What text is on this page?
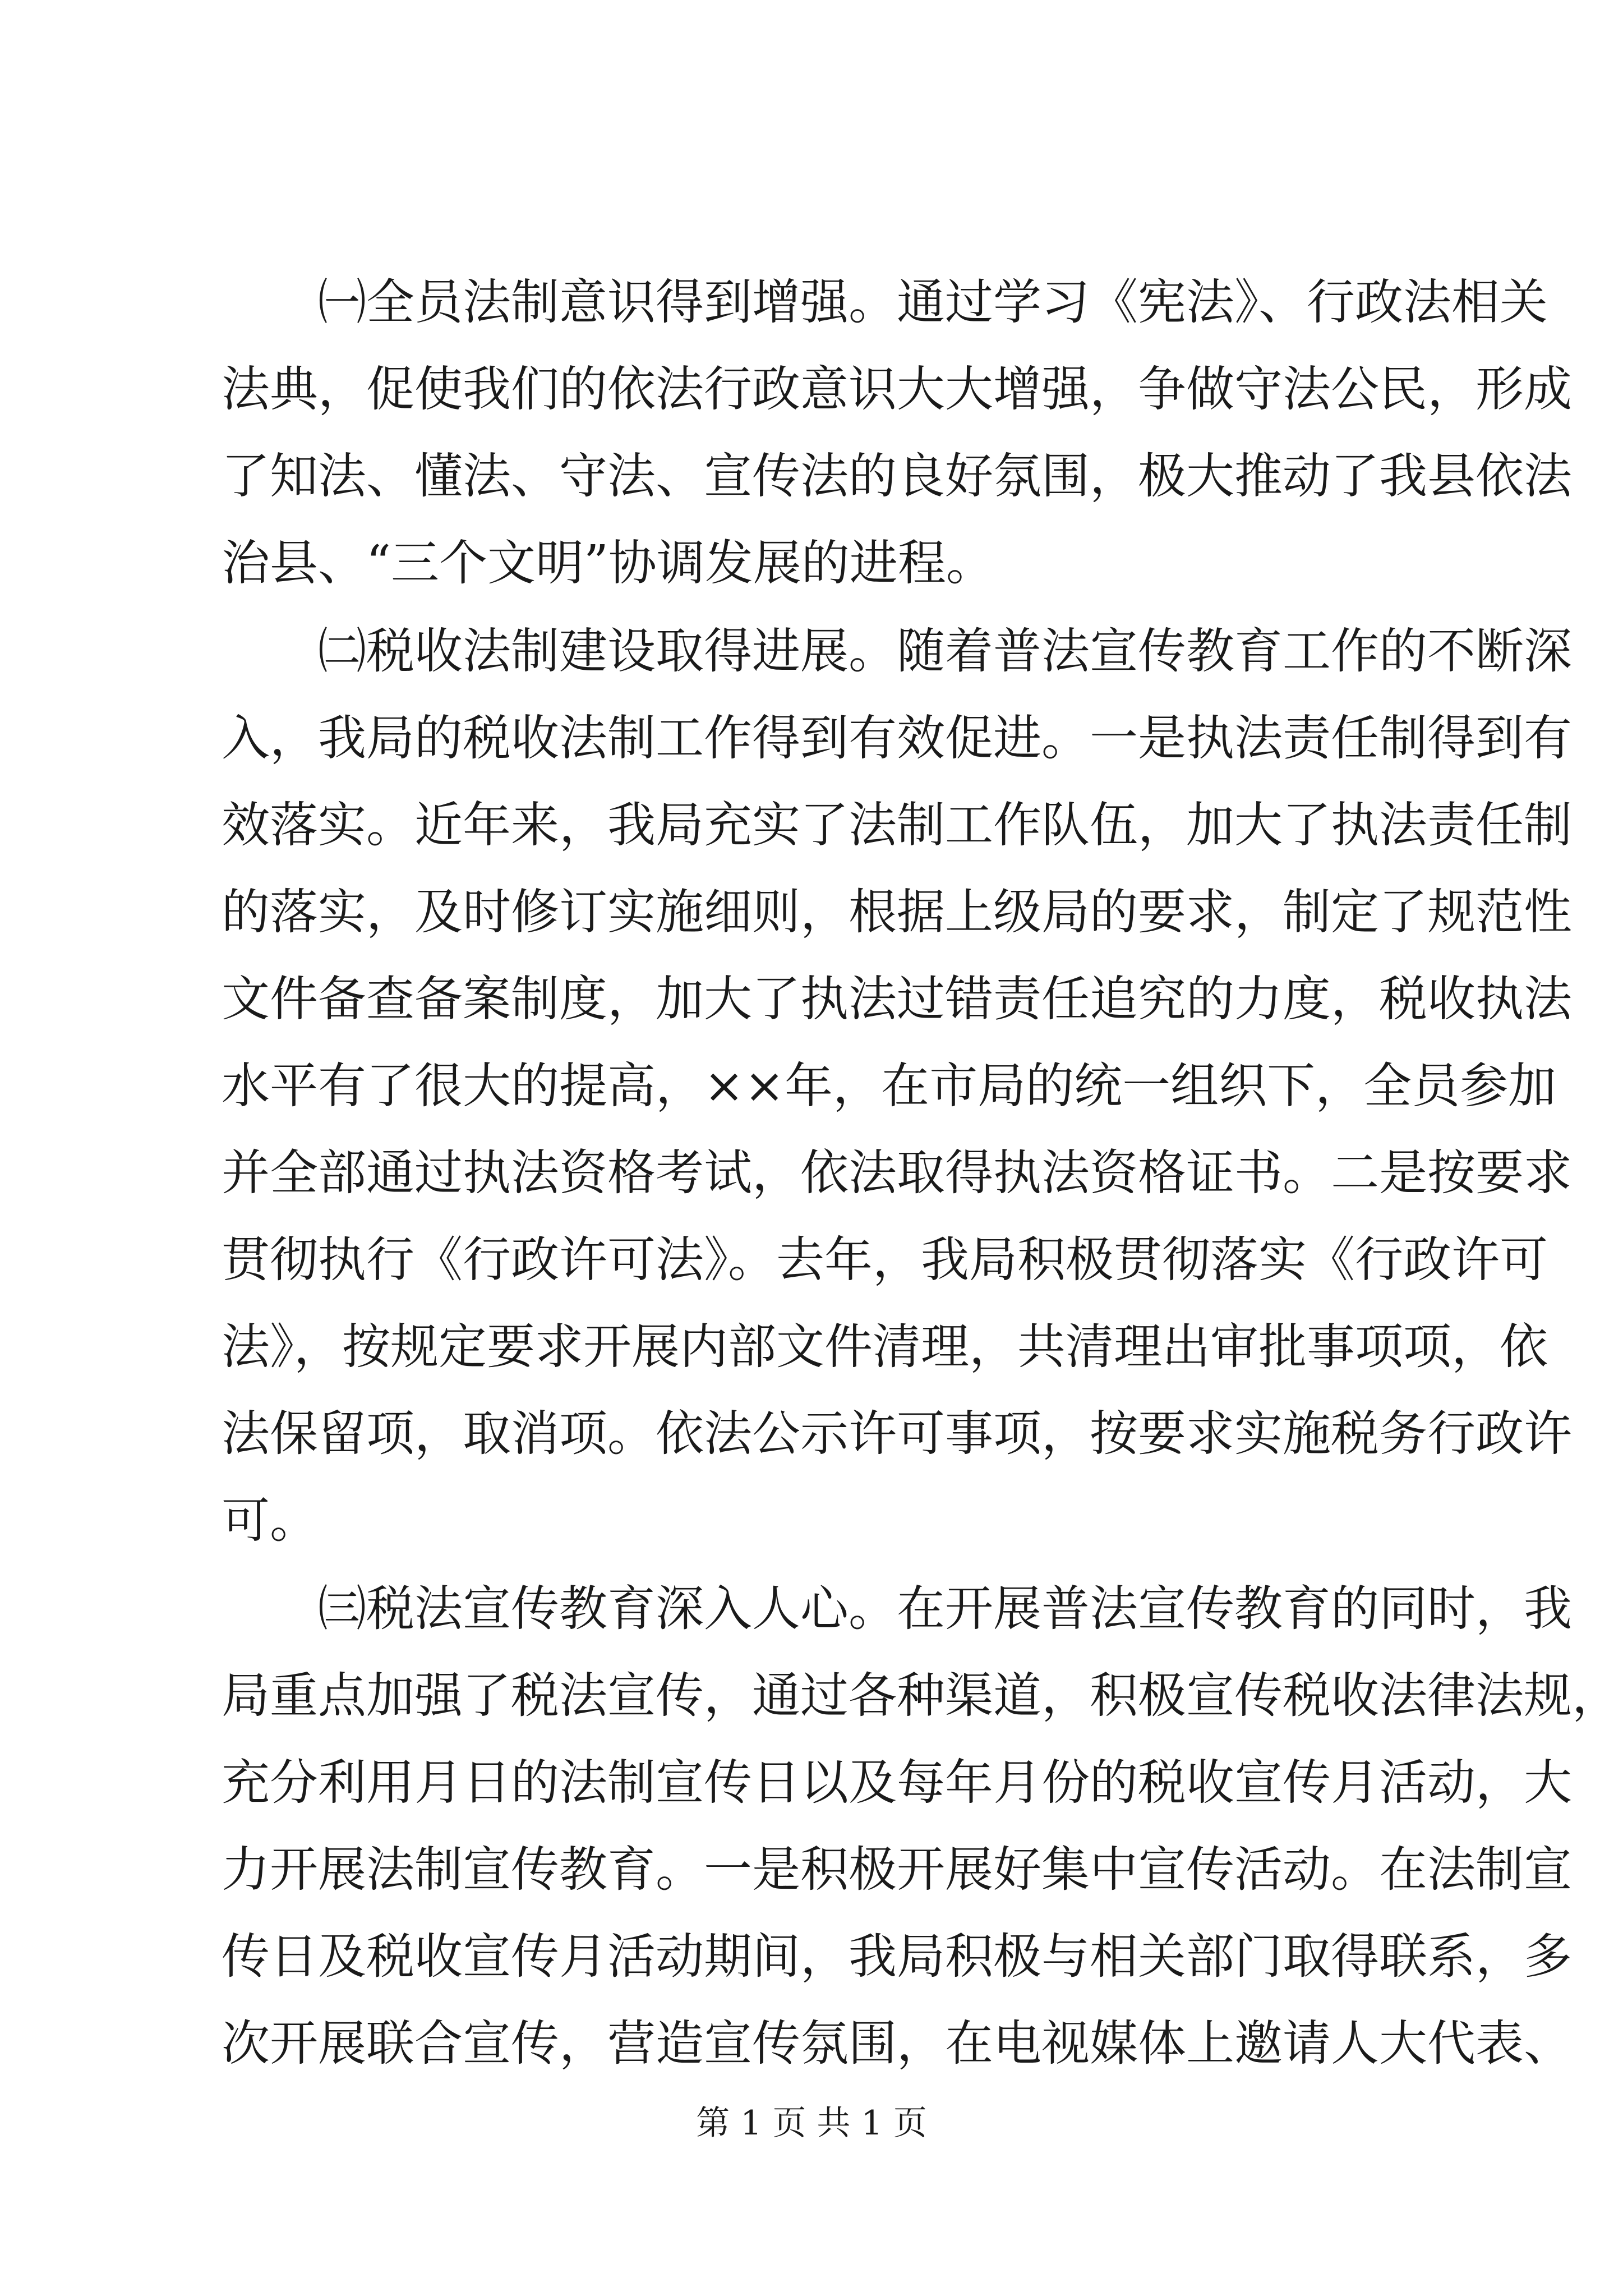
　　㈠全员法制意识得到增强。通过学习《宪法》、行政法相关
法典，促使我们的依法行政意识大大增强，争做守法公民，形成
了知法、懂法、守法、宣传法的良好氛围，极大推动了我县依法
治县、“三个文明”协调发展的进程。
　　㈡税收法制建设取得进展。随着普法宣传教育工作的不断深
入，我局的税收法制工作得到有效促进。一是执法责任制得到有
效落实。近年来，我局充实了法制工作队伍，加大了执法责任制
的落实，及时修订实施细则，根据上级局的要求，制定了规范性
文件备查备案制度，加大了执法过错责任追究的力度，税收执法
水平有了很大的提高，××年，在市局的统一组织下，全员参加
并全部通过执法资格考试，依法取得执法资格证书。二是按要求
贯彻执行《行政许可法》。去年，我局积极贯彻落实《行政许可
法》，按规定要求开展内部文件清理，共清理出审批事项项，依
法保留项，取消项。依法公示许可事项，按要求实施税务行政许
可。
　　㈢税法宣传教育深入人心。在开展普法宣传教育的同时，我
局重点加强了税法宣传，通过各种渠道，积极宣传税收法律法规，
充分利用月日的法制宣传日以及每年月份的税收宣传月活动，大
力开展法制宣传教育。一是积极开展好集中宣传活动。在法制宣
传日及税收宣传月活动期间，我局积极与相关部门取得联系，多
次开展联合宣传，营造宣传氛围，在电视媒体上邀请人大代表、
第 1 页 共 1 页
